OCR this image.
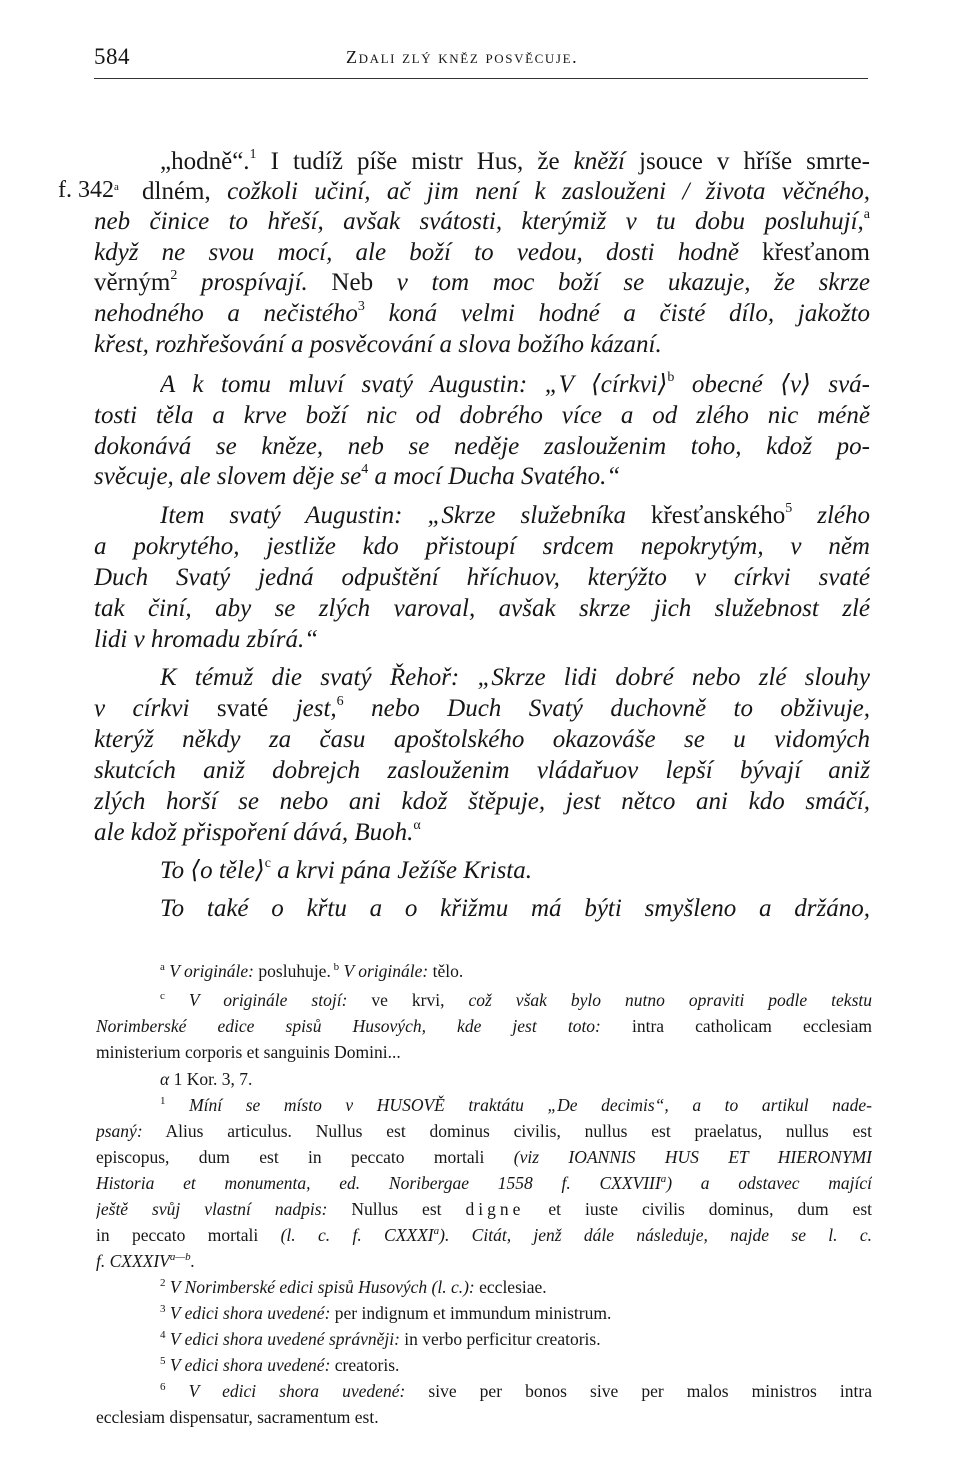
584	Zdali zlý kněz posvěcuje.
f. 342$^a$
„hodně“.$^1$ I tudíž píše mistr Hus, že kněží jsouce v hříše smrte-
dlném, cožkoli učiní, ač jim není k zaslouženi / života věčného,
neb činice to hřeší, avšak svátosti, kterýmiž v tu dobu posluhují,$^a$
když ne svou mocí, ale boží to vedou, dosti hodně křesťanom
věrným$^2$ prospívají. Neb v tom moc boží se ukazuje, že skrze
nehodného a nečistého$^3$ koná velmi hodné a čisté dílo, jakožto
křest, rozhřešování a posvěcování a slova božího kázaní.
A k tomu mluví svatý Augustin: „V ⟨církvi⟩$^b$ obecné ⟨v⟩ svá-
tosti těla a krve boží nic od dobrého více a od zlého nic méně
dokonává se kněze, neb se neděje zaslouženim toho, kdož po-
svěcuje, ale slovem děje $se^4$ a mocí Ducha Svatého.“
Item svatý Augustin: „Skrze služebníka křesťanského$^5$ zlého
a pokrytého, jestliže kdo přistoupí srdcem nepokrytým, v něm
Duch Svatý jedná odpuštění hříchuov, kterýžto v církvi svaté
tak činí, aby se zlých varoval, avšak skrze jich služebnost zlé
lidi v hromadu zbírá.“
K témuž die svatý Řehoř: „Skrze lidi dobré nebo zlé slouhy
v církvi svaté jest,$^6$ nebo Duch Svatý duchovně to obživuje,
kterýž někdy za času apoštolského okazováše se u vidomých
skutcích aniž dobrejch zaslouženim vládařuov lepší bývají aniž
zlých horší se nebo ani kdož štěpuje, jest nětco ani kdo smáčí,
ale kdož přispoření dává, Buoh.$^\alpha$
To ⟨o těle⟩$^c$ a krvi pána Ježíše Krista.
To také o křtu a o křižmu má býti smyšleno a držáno,
$^a$ V originále: posluhuje. $^b$ V originále: tělo.
$^c$ V originále stojí: ve krvi, což však bylo nutno opraviti podle tekstu
Norimberské edice spisů Husových, kde jest toto: intra catholicam ecclesiam
ministerium corporis et sanguinis Domini...
α 1 Kor. 3, 7.
$^1$ Míní se místo v HUSOVĚ traktátu „De decimis“, a to artikul nade-
psaný: Alius articulus. Nullus est dominus civilis, nullus est praelatus, nullus est
episcopus, dum est in peccato mortali (viz IOANNIS HUS ET HIERONYMI
Historia et monumenta, ed. Noribergae 1558 f. CXXVIII$^a$) a odstavec mající
ještě svůj vlastní nadpis: Nullus est digne et iuste civilis dominus, dum est
in peccato mortali (l. c. f. CXXXI$^a$). Citát, jenž dále následuje, najde se l. c.
f. $CXXXIV^{a—b}$.
$^2$ V Norimberské edici spisů Husových (l. c.): ecclesiae.
$^3$ V edici shora uvedené: per indignum et immundum ministrum.
$^4$ V edici shora uvedené správněji: in verbo perficitur creatoris.
$^5$ V edici shora uvedené: creatoris.
$^6$ V edici shora uvedené: sive per bonos sive per malos ministros intra
ecclesiam dispensatur, sacramentum est.
